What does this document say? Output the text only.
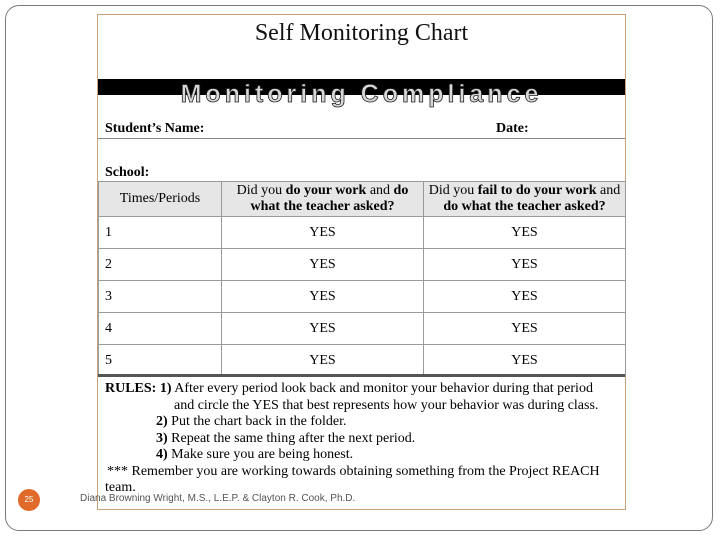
Self Monitoring Chart
Monitoring Compliance
Student’s Name:	Date:
School:
Times/Periods	Did you do your work and do what the teacher asked?	Did you fail to do your work and do what the teacher asked?
1	YES	YES
2	YES	YES
3	YES	YES
4	YES	YES
5	YES	YES
RULES: 1) After every period look back and monitor your behavior during that period
and circle the YES that best represents how your behavior was during class.
2) Put the chart back in the folder.
3) Repeat the same thing after the next period.
4) Make sure you are being honest.
*** Remember you are working towards obtaining something from the Project REACH
team.
25	Diana Browning Wright, M.S., L.E.P. & Clayton R. Cook, Ph.D.
